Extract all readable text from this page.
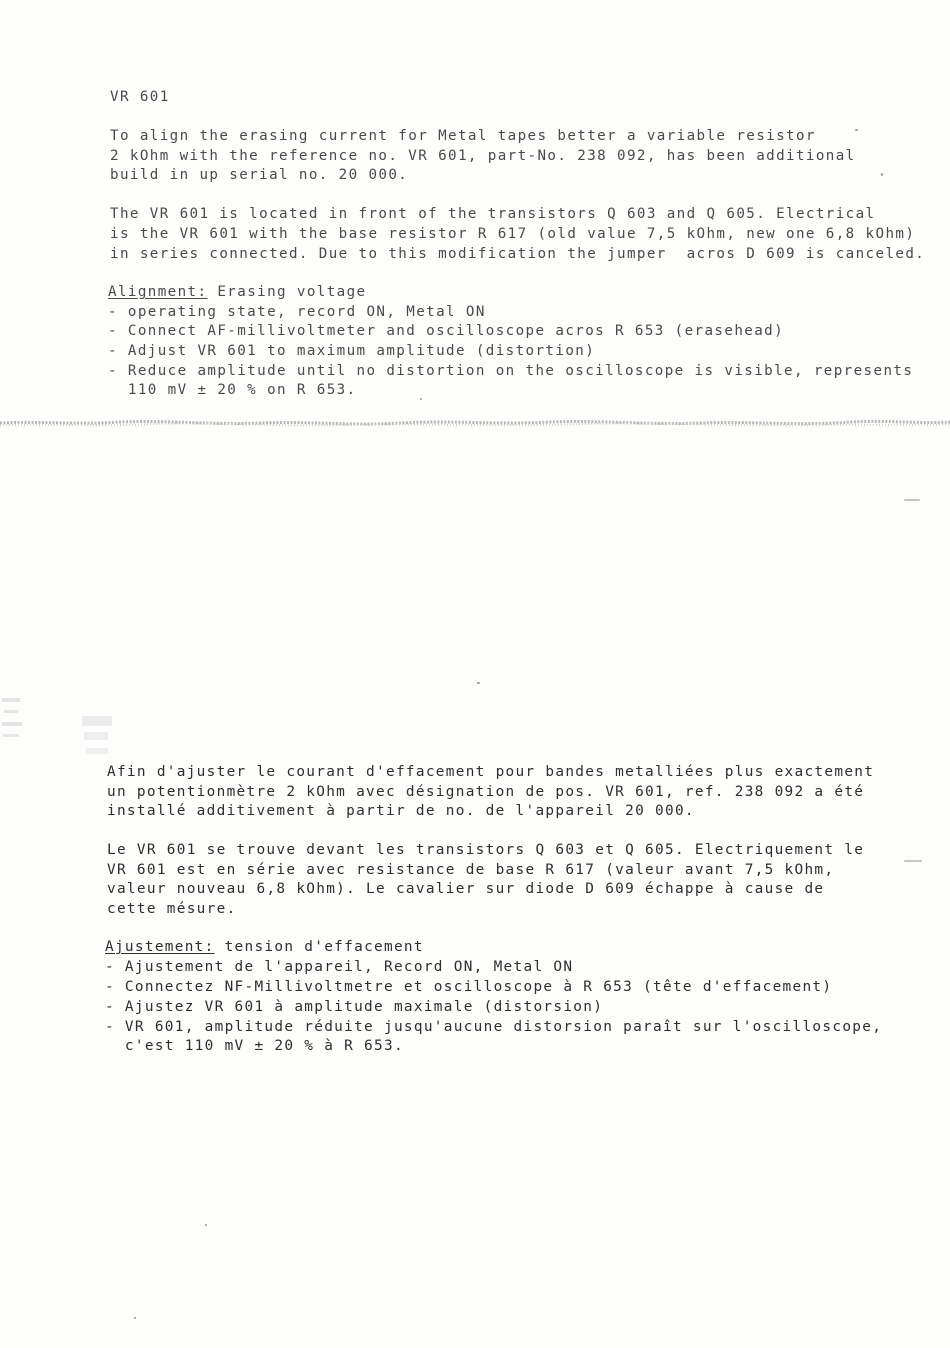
VR 601
To align the erasing current for Metal tapes better a variable resistor
2 kOhm with the reference no. VR 601, part-No. 238 092, has been additional
build in up serial no. 20 000.
The VR 601 is located in front of the transistors Q 603 and Q 605. Electrical
is the VR 601 with the base resistor R 617 (old value 7,5 kOhm, new one 6,8 kOhm)
in series connected. Due to this modification the jumper  acros D 609 is canceled.
Alignment: Erasing voltage
- operating state, record ON, Metal ON
- Connect AF-millivoltmeter and oscilloscope acros R 653 (erasehead)
- Adjust VR 601 to maximum amplitude (distortion)
- Reduce amplitude until no distortion on the oscilloscope is visible, represents
110 mV ± 20 % on R 653.
Afin d'ajuster le courant d'effacement pour bandes metalliées plus exactement
un potentionmètre 2 kOhm avec désignation de pos. VR 601, ref. 238 092 a été
installé additivement à partir de no. de l'appareil 20 000.
Le VR 601 se trouve devant les transistors Q 603 et Q 605. Electriquement le
VR 601 est en série avec resistance de base R 617 (valeur avant 7,5 kOhm,
valeur nouveau 6,8 kOhm). Le cavalier sur diode D 609 échappe à cause de
cette mésure.
Ajustement: tension d'effacement
- Ajustement de l'appareil, Record ON, Metal ON
- Connectez NF-Millivoltmetre et oscilloscope à R 653 (tête d'effacement)
- Ajustez VR 601 à amplitude maximale (distorsion)
- VR 601, amplitude réduite jusqu'aucune distorsion paraît sur l'oscilloscope,
c'est 110 mV ± 20 % à R 653.
